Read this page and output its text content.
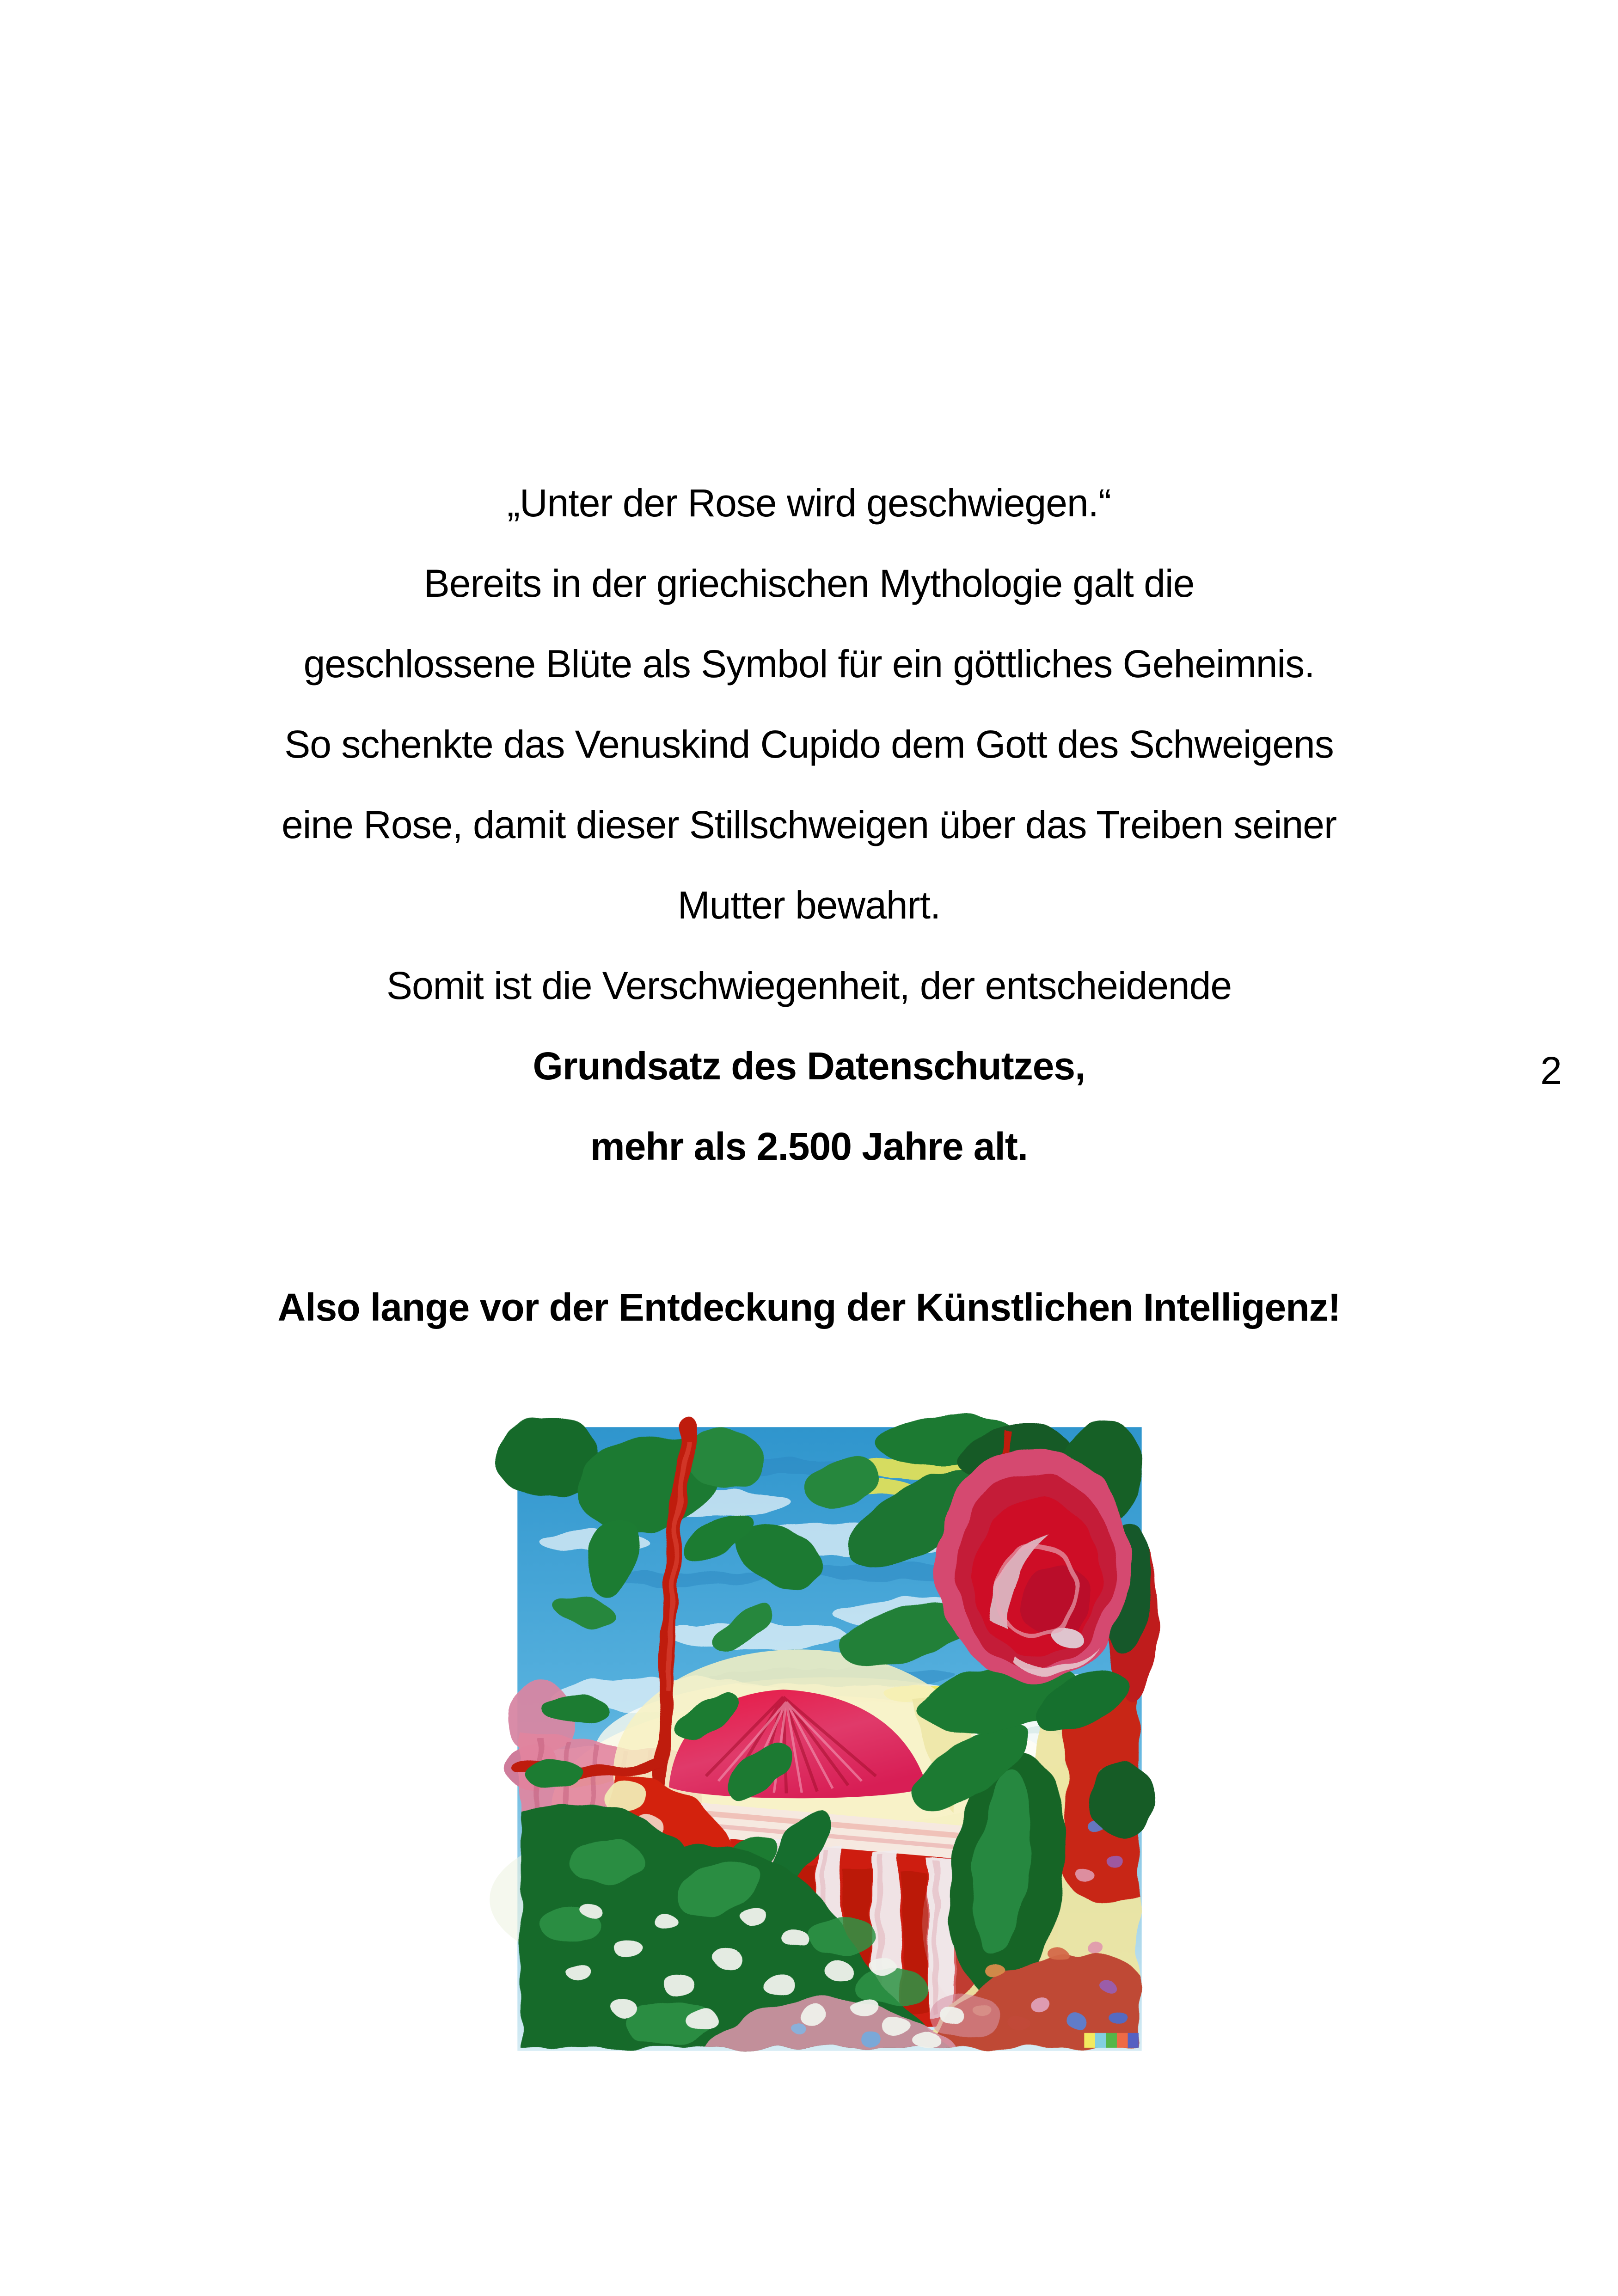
„Unter der Rose wird geschwiegen.“

Bereits in der griechischen Mythologie galt die

geschlossene Blüte als Symbol für ein göttliches Geheimnis.

So schenkte das Venuskind Cupido dem Gott des Schweigens

eine Rose, damit dieser Stillschweigen über das Treiben seiner

Mutter bewahrt.

Somit ist die Verschwiegenheit, der entscheidende

Grundsatz des Datenschutzes,

mehr als 2.500 Jahre alt.

Also lange vor der Entdeckung der Künstlichen Intelligenz!

2
